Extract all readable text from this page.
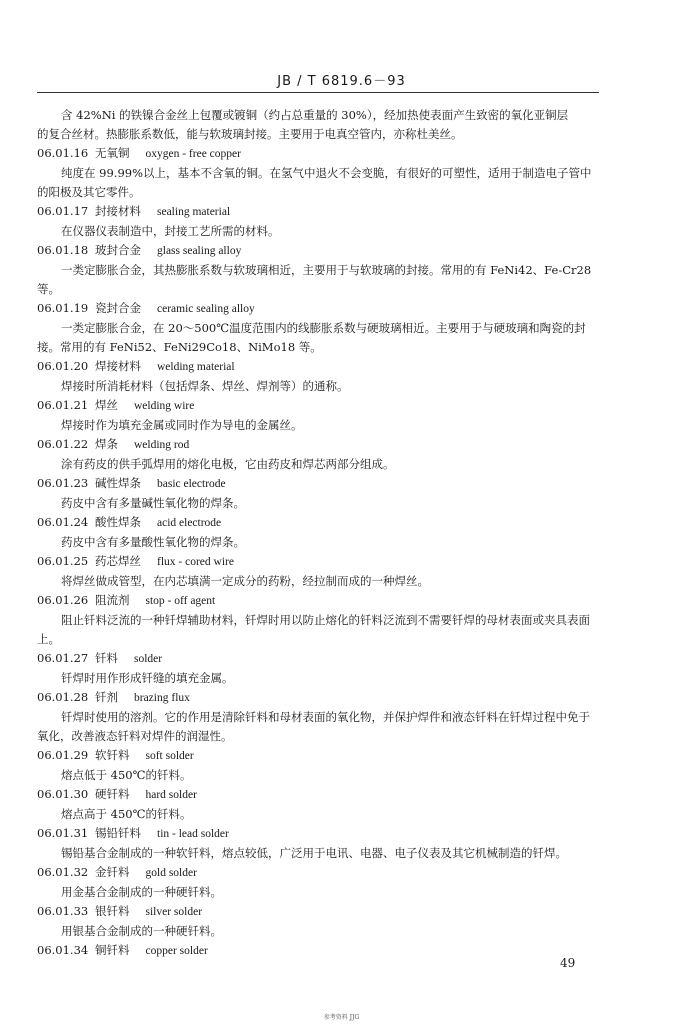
JB / T 6819.6－93
含 42%Ni 的铁镍合金丝上包覆或镀铜（约占总重量的 30%），经加热使表面产生致密的氧化亚铜层
的复合丝材。热膨胀系数低，能与软玻璃封接。主要用于电真空管内，亦称杜美丝。
06.01.16 无氧铜 oxygen - free copper
纯度在 99.99%以上，基本不含氧的铜。在氢气中退火不会变脆，有很好的可塑性，适用于制造电子管中的阳极及其它零件。
06.01.17 封接材料 sealing material
在仪器仪表制造中，封接工艺所需的材料。
06.01.18 玻封合金 glass sealing alloy
一类定膨胀合金，其热膨胀系数与软玻璃相近，主要用于与软玻璃的封接。常用的有 FeNi42、Fe-Cr28 等。
06.01.19 瓷封合金 ceramic sealing alloy
一类定膨胀合金，在 20～500℃温度范围内的线膨胀系数与硬玻璃相近。主要用于与硬玻璃和陶瓷的封接。常用的有 FeNi52、FeNi29Co18、NiMo18 等。
06.01.20 焊接材料 welding material
焊接时所消耗材料（包括焊条、焊丝、焊剂等）的通称。
06.01.21 焊丝 welding wire
焊接时作为填充金属或同时作为导电的金属丝。
06.01.22 焊条 welding rod
涂有药皮的供手弧焊用的熔化电极，它由药皮和焊芯两部分组成。
06.01.23 碱性焊条 basic electrode
药皮中含有多量碱性氧化物的焊条。
06.01.24 酸性焊条 acid electrode
药皮中含有多量酸性氧化物的焊条。
06.01.25 药芯焊丝 flux - cored wire
将焊丝做成管型，在内芯填满一定成分的药粉，经拉制而成的一种焊丝。
06.01.26 阻流剂 stop - off agent
阻止钎料泛流的一种钎焊辅助材料，钎焊时用以防止熔化的钎料泛流到不需要钎焊的母材表面或夹具表面上。
06.01.27 钎料 solder
钎焊时用作形成钎缝的填充金属。
06.01.28 钎剂 brazing flux
钎焊时使用的溶剂。它的作用是清除钎料和母材表面的氧化物，并保护焊件和液态钎料在钎焊过程中免于氧化，改善液态钎料对焊件的润湿性。
06.01.29 软钎料 soft solder
熔点低于 450℃的钎料。
06.01.30 硬钎料 hard solder
熔点高于 450℃的钎料。
06.01.31 锡铅钎料 tin - lead solder
锡铅基合金制成的一种软钎料，熔点较低，广泛用于电讯、电器、电子仪表及其它机械制造的钎焊。
06.01.32 金钎料 gold solder
用金基合金制成的一种硬钎料。
06.01.33 银钎料 silver solder
用银基合金制成的一种硬钎料。
06.01.34 铜钎料 copper solder
49
参考资料 JJG
